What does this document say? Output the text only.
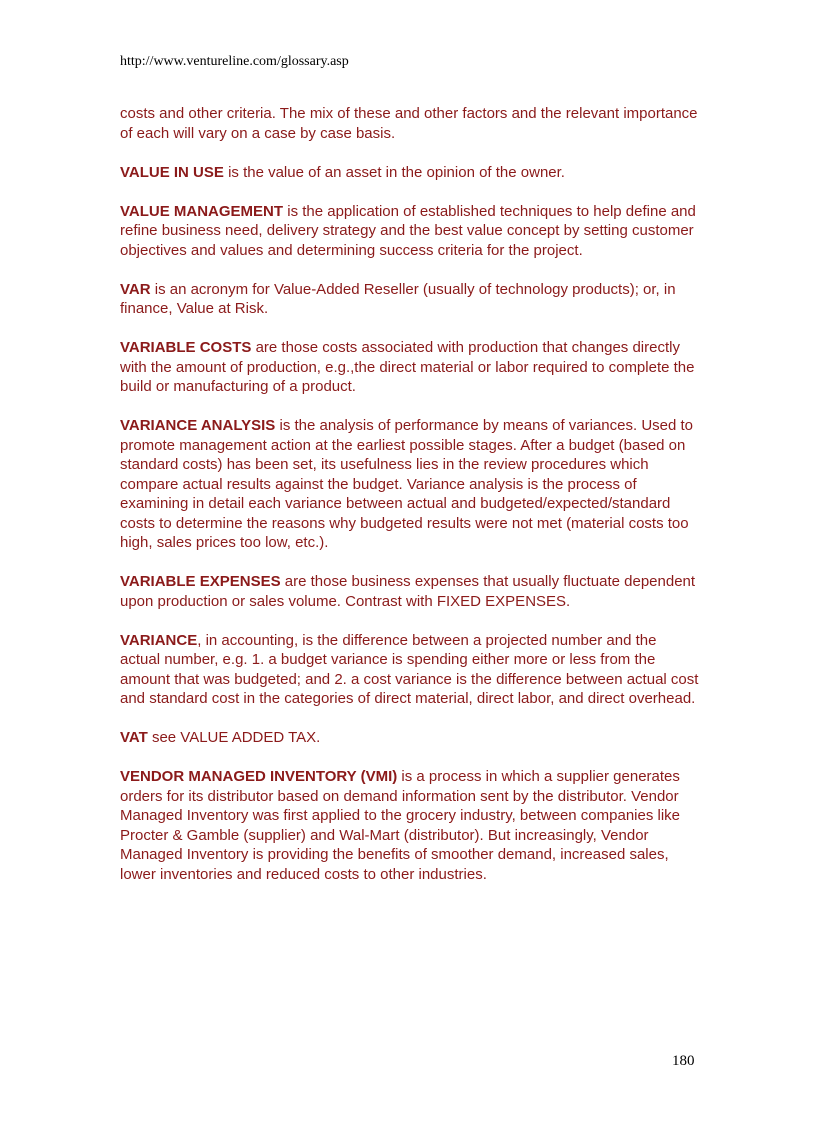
http://www.ventureline.com/glossary.asp

costs and other criteria. The mix of these and other factors and the relevant importance of each will vary on a case by case basis.

VALUE IN USE is the value of an asset in the opinion of the owner.

VALUE MANAGEMENT is the application of established techniques to help define and refine business need, delivery strategy and the best value concept by setting customer objectives and values and determining success criteria for the project.

VAR is an acronym for Value-Added Reseller (usually of technology products); or, in finance, Value at Risk.

VARIABLE COSTS are those costs associated with production that changes directly with the amount of production, e.g.,the direct material or labor required to complete the build or manufacturing of a product.

VARIANCE ANALYSIS is the analysis of performance by means of variances. Used to promote management action at the earliest possible stages. After a budget (based on standard costs) has been set, its usefulness lies in the review procedures which compare actual results against the budget. Variance analysis is the process of examining in detail each variance between actual and budgeted/expected/standard costs to determine the reasons why budgeted results were not met (material costs too high, sales prices too low, etc.).

VARIABLE EXPENSES are those business expenses that usually fluctuate dependent upon production or sales volume. Contrast with FIXED EXPENSES.

VARIANCE, in accounting, is the difference between a projected number and the actual number, e.g. 1. a budget variance is spending either more or less from the amount that was budgeted; and 2. a cost variance is the difference between actual cost and standard cost in the categories of direct material, direct labor, and direct overhead.

VAT see VALUE ADDED TAX.

VENDOR MANAGED INVENTORY (VMI) is a process in which a supplier generates orders for its distributor based on demand information sent by the distributor. Vendor Managed Inventory was first applied to the grocery industry, between companies like Procter & Gamble (supplier) and Wal-Mart (distributor). But increasingly, Vendor Managed Inventory is providing the benefits of smoother demand, increased sales, lower inventories and reduced costs to other industries.

180
